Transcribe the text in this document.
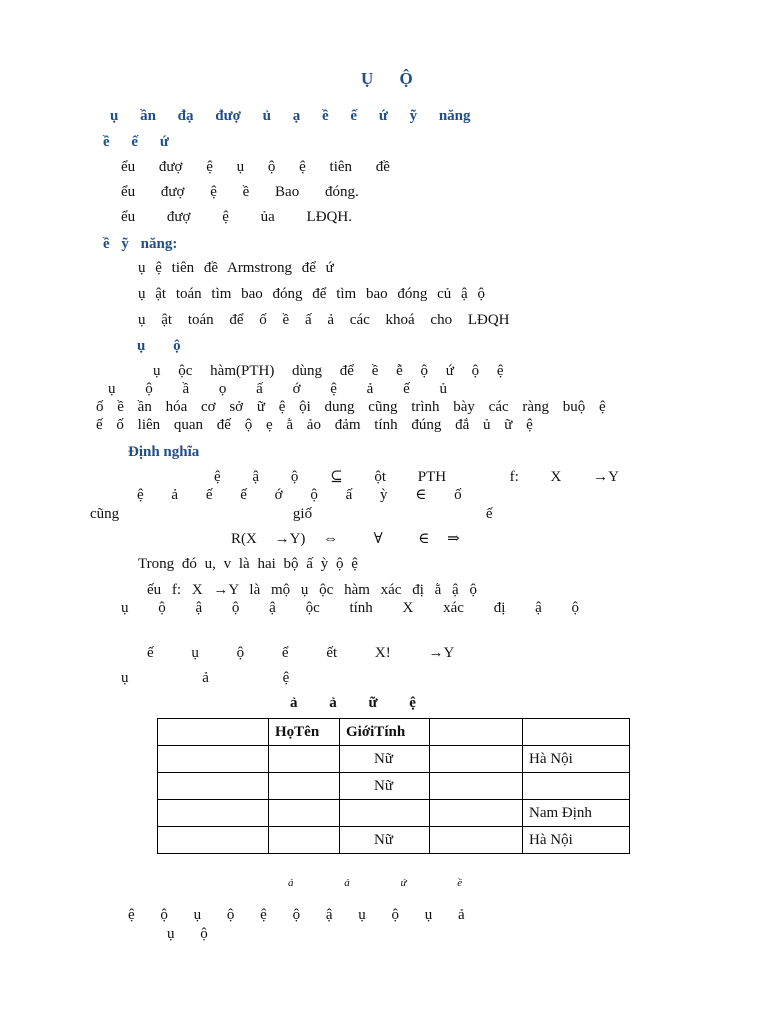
Ụ Ộ
ụ ần đạ đượ ủ ạ ề ế ứ ỹ năng
ề ế ứ
ểu đượ ệ ụ ộ ệ tiên đề
ểu đượ ệ ề Bao đóng.
ểu đượ ệ ủa LĐQH.
ề ỹ năng:
ụ ệ tiên đề Armstrong để ứ
ụ ật toán tìm bao đóng để tìm bao đóng củ ậ ộ
ụ ật toán để ố ề ấ ả các khoá cho LĐQH
ụ ộ
ụ ộc hàm(PTH) dùng để ề ễ ộ ứ ộ ệ
ụ ộ ầ ọ ấ ớ ệ ả ế ủ
ố ề ần hóa cơ sở ữ ệ ội dung cũng trình bày các ràng buộ ệ
ế ố liên quan đế ộ ẹ ằ ảo đảm tính đúng đắ ủ ữ ệ
Định nghĩa
ệ ậ ộ ⊆ ột PTH  f: X →Y
ệ ả ế ế ớ ộ ấ ỳ ∈ ố
cũng giố ế
R(X →Y) ⇔  ∀  ∈ ⇒
Trong đó u, v là hai bộ ấ ỳ ộ ệ
ếu f: X →Y là mộ ụ ộc hàm xác đị ằ ậ ộ
ụ ộ ậ ộ ậ ộc tính X xác đị ậ ộ
ế ụ ộ ể ết X! →Y
ụ ả ệ
ả ả ữ ệ
	HọTên	GiớiTính		
		Nữ		Hà Nội
		Nữ		
				Nam Định
		Nữ		Hà Nội
ả ả ứ ề
ệ ộ ụ ộ ệ ộ ậ ụ ộ ụ ả
ụ ộ
